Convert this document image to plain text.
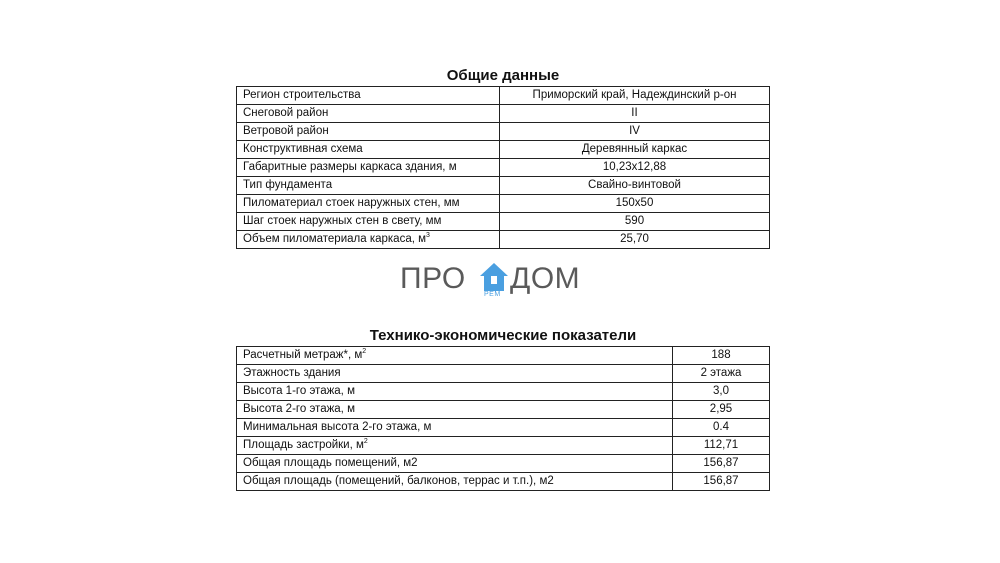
Общие данные
Регион строительства	Приморский край, Надеждинский р-он
Снеговой район	II
Ветровой район	IV
Конструктивная схема	Деревянный каркас
Габаритные размеры каркаса здания, м	10,23x12,88
Тип фундамента	Свайно-винтовой
Пиломатериал стоек наружных стен, мм	150x50
Шаг стоек наружных стен в свету, мм	590
Объем пиломатериала каркаса, $м^3$	25,70
ПРО	РЕМ ДОМ
Технико-экономические показатели
Расчетный метраж*, $м^2$	188
Этажность здания	2 этажа
Высота 1-го этажа, м	3,0
Высота 2-го этажа, м	2,95
Минимальная высота 2-го этажа, м	0.4
Площадь застройки, $м^2$	112,71
Общая площадь помещений, м2	156,87
Общая площадь (помещений, балконов, террас и т.п.), м2	156,87
